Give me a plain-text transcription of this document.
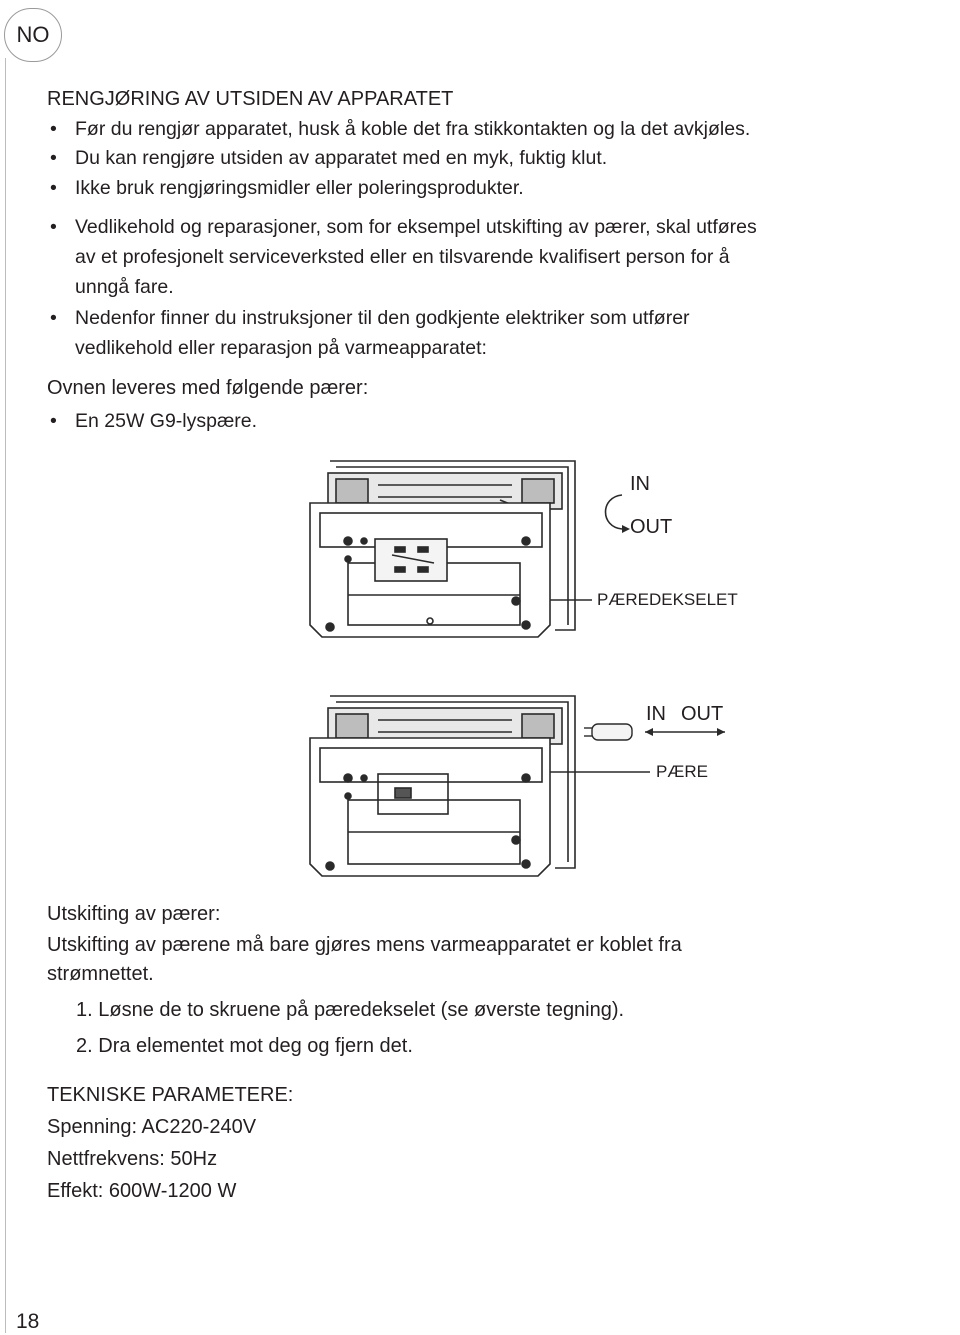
NO
RENGJØRING AV UTSIDEN AV APPARATET
• Før du rengjør apparatet, husk å koble det fra stikkontakten og la det avkjøles.
• Du kan rengjøre utsiden av apparatet med en myk, fuktig klut.
• Ikke bruk rengjøringsmidler eller poleringsprodukter.
• Vedlikehold og reparasjoner, som for eksempel utskifting av pærer, skal utføres
av et profesjonelt serviceverksted eller en tilsvarende kvalifisert person for å
unngå fare.
• Nedenfor finner du instruksjoner til den godkjente elektriker som utfører
vedlikehold eller reparasjon på varmeapparatet:
Ovnen leveres med følgende pærer:
• En 25W G9-lyspære.
Utskifting av pærer:
Utskifting av pærene må bare gjøres mens varmeapparatet er koblet fra
strømnettet.
1. Løsne de to skruene på pæredekselet (se øverste tegning).
2. Dra elementet mot deg og fjern det.
TEKNISKE PARAMETERE:
Spenning: AC220-240V
Nettfrekvens: 50Hz
Effekt: 600W-1200 W
IN
OUT
PÆREDEKSELET
IN OUT
PÆRE
18
